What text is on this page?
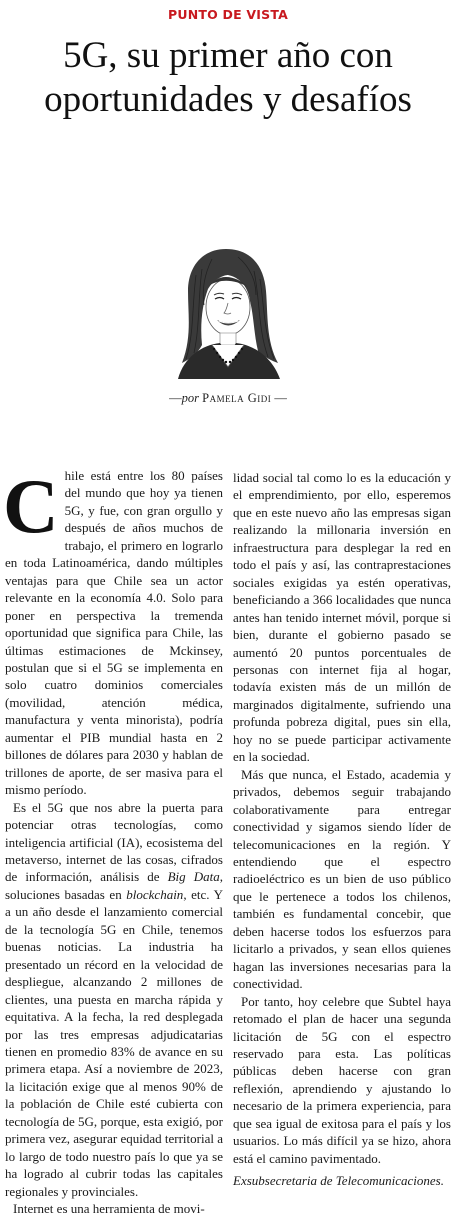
PUNTO DE VISTA
5G, su primer año con oportunidades y desafíos
—por Pamela Gidi —

Chile está entre los 80 países del mundo que hoy ya tienen 5G, y fue, con gran orgullo y después de años muchos de trabajo, el primero en lograrlo en toda Latinoamérica, dando múltiples ventajas para que Chile sea un actor relevante en la economía 4.0. Solo para poner en perspectiva la tremenda oportunidad que significa para Chile, las últimas estimaciones de Mckinsey, postulan que si el 5G se implementa en solo cuatro dominios comerciales (movilidad, atención médica, manufactura y venta minorista), podría aumentar el PIB mundial hasta en 2 billones de dólares para 2030 y hablan de trillones de aporte, de ser masiva para el mismo período.

Es el 5G que nos abre la puerta para potenciar otras tecnologías, como inteligencia artificial (IA), ecosistema del metaverso, internet de las cosas, cifrados de información, análisis de Big Data, soluciones basadas en blockchain, etc. Y a un año desde el lanzamiento comercial de la tecnología 5G en Chile, tenemos buenas noticias. La industria ha presentado un récord en la velocidad de despliegue, alcanzando 2 millones de clientes, una puesta en marcha rápida y equitativa. A la fecha, la red desplegada por las tres empresas adjudicatarias tienen en promedio 83% de avance en su primera etapa. Así a noviembre de 2023, la licitación exige que al menos 90% de la población de Chile esté cubierta con tecnología de 5G, porque, esta exigió, por primera vez, asegurar equidad territorial a lo largo de todo nuestro país lo que ya se ha logrado al cubrir todas las capitales regionales y provinciales.

Internet es una herramienta de movi-

lidad social tal como lo es la educación y el emprendimiento, por ello, esperemos que en este nuevo año las empresas sigan realizando la millonaria inversión en infraestructura para desplegar la red en todo el país y así, las contraprestaciones sociales exigidas ya estén operativas, beneficiando a 366 localidades que nunca antes han tenido internet móvil, porque si bien, durante el gobierno pasado se aumentó 20 puntos porcentuales de personas con internet fija al hogar, todavía existen más de un millón de marginados digitalmente, sufriendo una profunda pobreza digital, pues sin ella, hoy no se puede participar activamente en la sociedad.

Más que nunca, el Estado, academia y privados, debemos seguir trabajando colaborativamente para entregar conectividad y sigamos siendo líder de telecomunicaciones en la región. Y entendiendo que el espectro radioeléctrico es un bien de uso público que le pertenece a todos los chilenos, también es fundamental concebir, que deben hacerse todos los esfuerzos para licitarlo a privados, y sean ellos quienes hagan las inversiones necesarias para la conectividad.

Por tanto, hoy celebre que Subtel haya retomado el plan de hacer una segunda licitación de 5G con el espectro reservado para esta. Las políticas públicas deben hacerse con gran reflexión, aprendiendo y ajustando lo necesario de la primera experiencia, para que sea igual de exitosa para el país y los usuarios. Lo más difícil ya se hizo, ahora está el camino pavimentado.

Exsubsecretaria de Telecomunicaciones.
